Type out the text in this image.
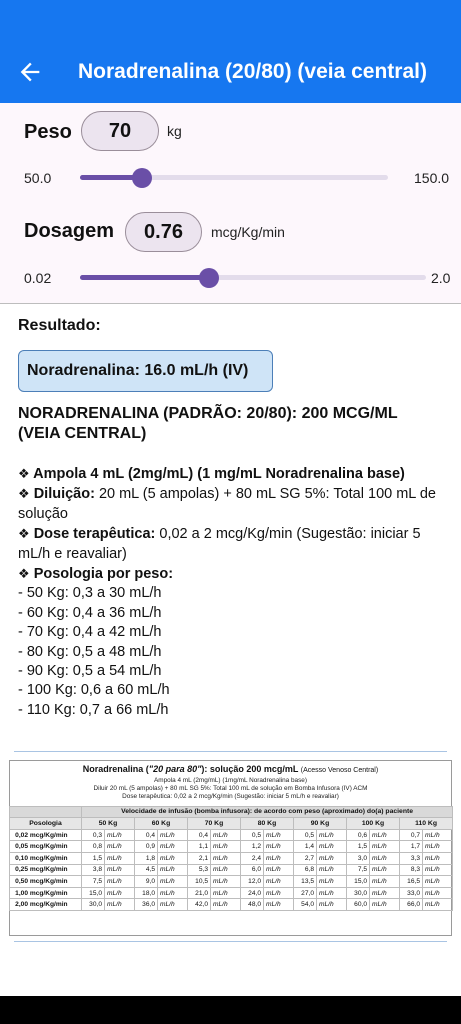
Noradrenalina (20/80) (veia central)
Peso	70	kg
50.0	150.0
Dosagem	0.76	mcg/Kg/min
0.02	2.0
Resultado:
Noradrenalina: 16.0 mL/h (IV)
NORADRENALINA (PADRÃO: 20/80): 200 MCG/ML (VEIA CENTRAL)
❖ Ampola 4 mL (2mg/mL) (1 mg/mL Noradrenalina base)
❖ Diluição: 20 mL (5 ampolas) + 80 mL SG 5%: Total 100 mL de solução
❖ Dose terapêutica: 0,02 a 2 mcg/Kg/min (Sugestão: iniciar 5 mL/h e reavaliar)
❖ Posologia por peso:
- 50 Kg: 0,3 a 30 mL/h
- 60 Kg: 0,4 a 36 mL/h
- 70 Kg: 0,4 a 42 mL/h
- 80 Kg: 0,5 a 48 mL/h
- 90 Kg: 0,5 a 54 mL/h
- 100 Kg: 0,6 a 60 mL/h
- 110 Kg: 0,7 a 66 mL/h
Noradrenalina ("20 para 80"): solução 200 mcg/mL (Acesso Venoso Central)
Ampola 4 mL (2mg/mL) (1mg/mL Noradrenalina base)
Diluir 20 mL (5 ampolas) + 80 mL SG 5%: Total 100 mL de solução em Bomba Infusora (IV) ACM
Dose terapêutica: 0,02 a 2 mcg/Kg/min (Sugestão: iniciar 5 mL/h e reavaliar)
	Velocidade de infusão (bomba infusora): de acordo com peso (aproximado) do(a) paciente													
Posologia	50 Kg		60 Kg		70 Kg		80 Kg		90 Kg		100 Kg		110 Kg	
0,02 mcg/Kg/min	0,3	mL/h	0,4	mL/h	0,4	mL/h	0,5	mL/h	0,5	mL/h	0,6	mL/h	0,7	mL/h
0,05 mcg/Kg/min	0,8	mL/h	0,9	mL/h	1,1	mL/h	1,2	mL/h	1,4	mL/h	1,5	mL/h	1,7	mL/h
0,10 mcg/Kg/min	1,5	mL/h	1,8	mL/h	2,1	mL/h	2,4	mL/h	2,7	mL/h	3,0	mL/h	3,3	mL/h
0,25 mcg/Kg/min	3,8	mL/h	4,5	mL/h	5,3	mL/h	6,0	mL/h	6,8	mL/h	7,5	mL/h	8,3	mL/h
0,50 mcg/Kg/min	7,5	mL/h	9,0	mL/h	10,5	mL/h	12,0	mL/h	13,5	mL/h	15,0	mL/h	16,5	mL/h
1,00 mcg/Kg/min	15,0	mL/h	18,0	mL/h	21,0	mL/h	24,0	mL/h	27,0	mL/h	30,0	mL/h	33,0	mL/h
2,00 mcg/Kg/min	30,0	mL/h	36,0	mL/h	42,0	mL/h	48,0	mL/h	54,0	mL/h	60,0	mL/h	66,0	mL/h
